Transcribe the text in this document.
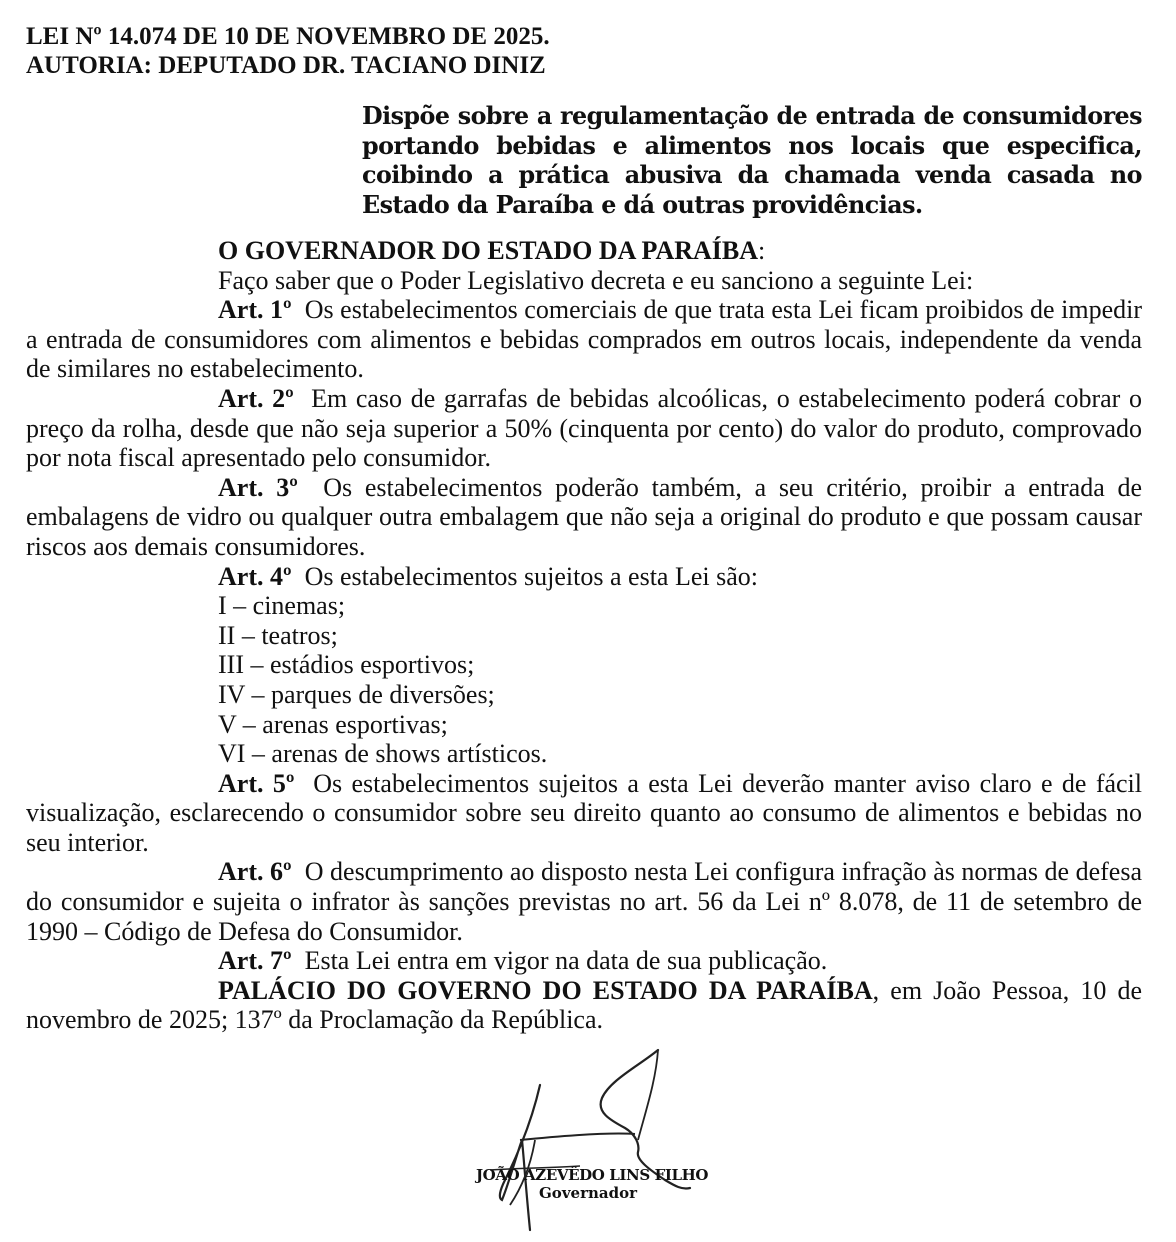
LEI Nº 14.074 DE 10 DE NOVEMBRO DE 2025.
AUTORIA: DEPUTADO DR. TACIANO DINIZ
Dispõe sobre a regulamentação de entrada de consumidores portando bebidas e alimentos nos locais que especifica, coibindo a prática abusiva da chamada venda casada no Estado da Paraíba e dá outras providências.
O GOVERNADOR DO ESTADO DA PARAÍBA:
Faço saber que o Poder Legislativo decreta e eu sanciono a seguinte Lei:
Art. 1º Os estabelecimentos comerciais de que trata esta Lei ficam proibidos de impedir a entrada de consumidores com alimentos e bebidas comprados em outros locais, independente da venda de similares no estabelecimento.
Art. 2º Em caso de garrafas de bebidas alcoólicas, o estabelecimento poderá cobrar o preço da rolha, desde que não seja superior a 50% (cinquenta por cento) do valor do produto, comprovado por nota fiscal apresentado pelo consumidor.
Art. 3º Os estabelecimentos poderão também, a seu critério, proibir a entrada de embalagens de vidro ou qualquer outra embalagem que não seja a original do produto e que possam causar riscos aos demais consumidores.
Art. 4º Os estabelecimentos sujeitos a esta Lei são:
I – cinemas;
II – teatros;
III – estádios esportivos;
IV – parques de diversões;
V – arenas esportivas;
VI – arenas de shows artísticos.
Art. 5º Os estabelecimentos sujeitos a esta Lei deverão manter aviso claro e de fácil visualização, esclarecendo o consumidor sobre seu direito quanto ao consumo de alimentos e bebidas no seu interior.
Art. 6º O descumprimento ao disposto nesta Lei configura infração às normas de defesa do consumidor e sujeita o infrator às sanções previstas no art. 56 da Lei nº 8.078, de 11 de setembro de 1990 – Código de Defesa do Consumidor.
Art. 7º Esta Lei entra em vigor na data de sua publicação.
PALÁCIO DO GOVERNO DO ESTADO DA PARAÍBA, em João Pessoa, 10 de novembro de 2025; 137º da Proclamação da República.
JOÃO AZEVÊDO LINS FILHO
Governador
